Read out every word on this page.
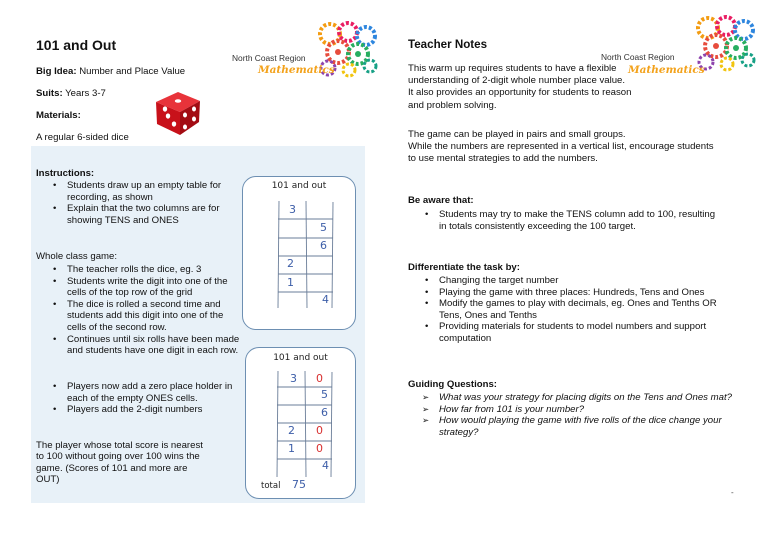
101 and Out
Big Idea: Number and Place Value
Suits: Years 3-7
Materials:
A regular 6-sided dice
North Coast Region
Mathematics
Instructions:
• Students draw up an empty table for recording, as shown
• Explain that the two columns are for showing TENS and ONES
Whole class game:
• The teacher rolls the dice, eg. 3
• Students write the digit into one of the cells of the top row of the grid
• The dice is rolled a second time and students add this digit into one of the cells of the second row.
• Continues until six rolls have been made and students have one digit in each row.
• Players now add a zero place holder in each of the empty ONES cells.
• Players add the 2-digit numbers
The player whose total score is nearest to 100 without going over 100 wins the game. (Scores of 101 and more are OUT)
101 and out
3
5
6
2
1
4
101 and out
3 0
5
6
2 0
1 0
4
total 75
Teacher Notes
North Coast Region
Mathematics
This warm up requires students to have a flexible
understanding of 2-digit whole number place value.
It also provides an opportunity for students to reason
and problem solving.
The game can be played in pairs and small groups.
While the numbers are represented in a vertical list, encourage students
to use mental strategies to add the numbers.
Be aware that:
• Students may try to make the TENS column add to 100, resulting in totals consistently exceeding the 100 target.
Differentiate the task by:
• Changing the target number
• Playing the game with three places: Hundreds, Tens and Ones
• Modify the games to play with decimals, eg. Ones and Tenths OR Tens, Ones and Tenths
• Providing materials for students to model numbers and support computation
Guiding Questions:
➢ What was your strategy for placing digits on the Tens and Ones mat?
➢ How far from 101 is your number?
➢ How would playing the game with five rolls of the dice change your strategy?
-
